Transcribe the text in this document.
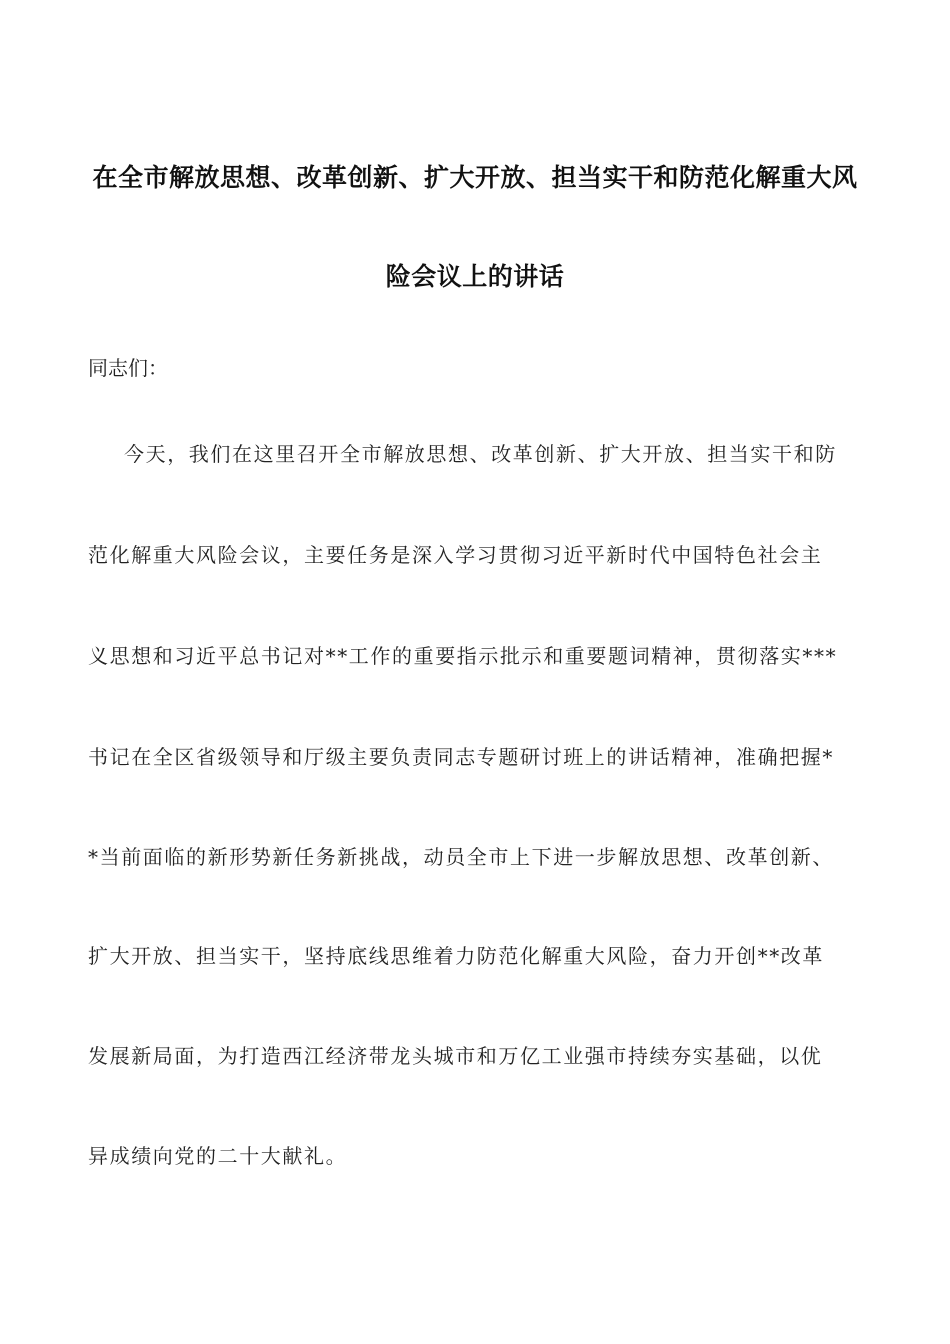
在全市解放思想、改革创新、扩大开放、担当实干和防范化解重大风
险会议上的讲话
同志们：
今天，我们在这里召开全市解放思想、改革创新、扩大开放、担当实干和防
范化解重大风险会议，主要任务是深入学习贯彻习近平新时代中国特色社会主
义思想和习近平总书记对**工作的重要指示批示和重要题词精神，贯彻落实***
书记在全区省级领导和厅级主要负责同志专题研讨班上的讲话精神，准确把握*
*当前面临的新形势新任务新挑战，动员全市上下进一步解放思想、改革创新、
扩大开放、担当实干，坚持底线思维着力防范化解重大风险，奋力开创**改革
发展新局面，为打造西江经济带龙头城市和万亿工业强市持续夯实基础，以优
异成绩向党的二十大献礼。
